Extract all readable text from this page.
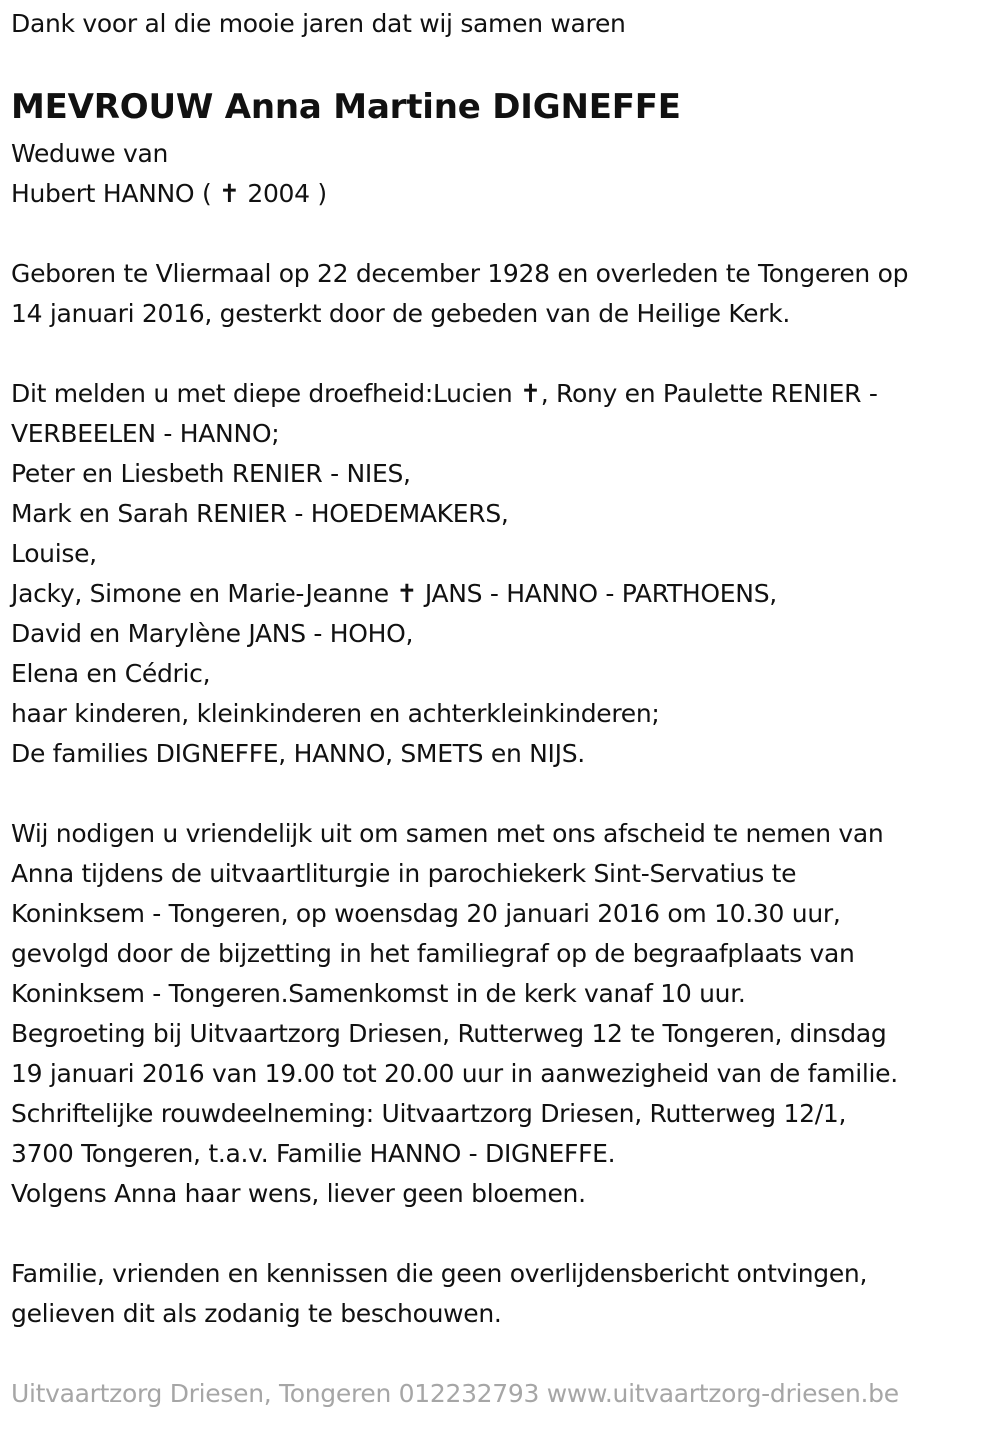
Dank voor al die mooie jaren dat wij samen waren
MEVROUW Anna Martine DIGNEFFE
Weduwe van
Hubert HANNO ( ✝ 2004 )
Geboren te Vliermaal op 22 december 1928 en overleden te Tongeren op
14 januari 2016, gesterkt door de gebeden van de Heilige Kerk.
Dit melden u met diepe droefheid:Lucien ✝, Rony en Paulette RENIER -
VERBEELEN - HANNO;
Peter en Liesbeth RENIER - NIES,
Mark en Sarah RENIER - HOEDEMAKERS,
Louise,
Jacky, Simone en Marie-Jeanne ✝ JANS - HANNO - PARTHOENS,
David en Marylène JANS - HOHO,
Elena en Cédric,
haar kinderen, kleinkinderen en achterkleinkinderen;
De families DIGNEFFE, HANNO, SMETS en NIJS.
Wij nodigen u vriendelijk uit om samen met ons afscheid te nemen van
Anna tijdens de uitvaartliturgie in parochiekerk Sint-Servatius te
Koninksem - Tongeren, op woensdag 20 januari 2016 om 10.30 uur,
gevolgd door de bijzetting in het familiegraf op de begraafplaats van
Koninksem - Tongeren.Samenkomst in de kerk vanaf 10 uur.
Begroeting bij Uitvaartzorg Driesen, Rutterweg 12 te Tongeren, dinsdag
19 januari 2016 van 19.00 tot 20.00 uur in aanwezigheid van de familie.
Schriftelijke rouwdeelneming: Uitvaartzorg Driesen, Rutterweg 12/1,
3700 Tongeren, t.a.v. Familie HANNO - DIGNEFFE.
Volgens Anna haar wens, liever geen bloemen.
Familie, vrienden en kennissen die geen overlijdensbericht ontvingen,
gelieven dit als zodanig te beschouwen.
Uitvaartzorg Driesen, Tongeren 012232793 www.uitvaartzorg-driesen.be
